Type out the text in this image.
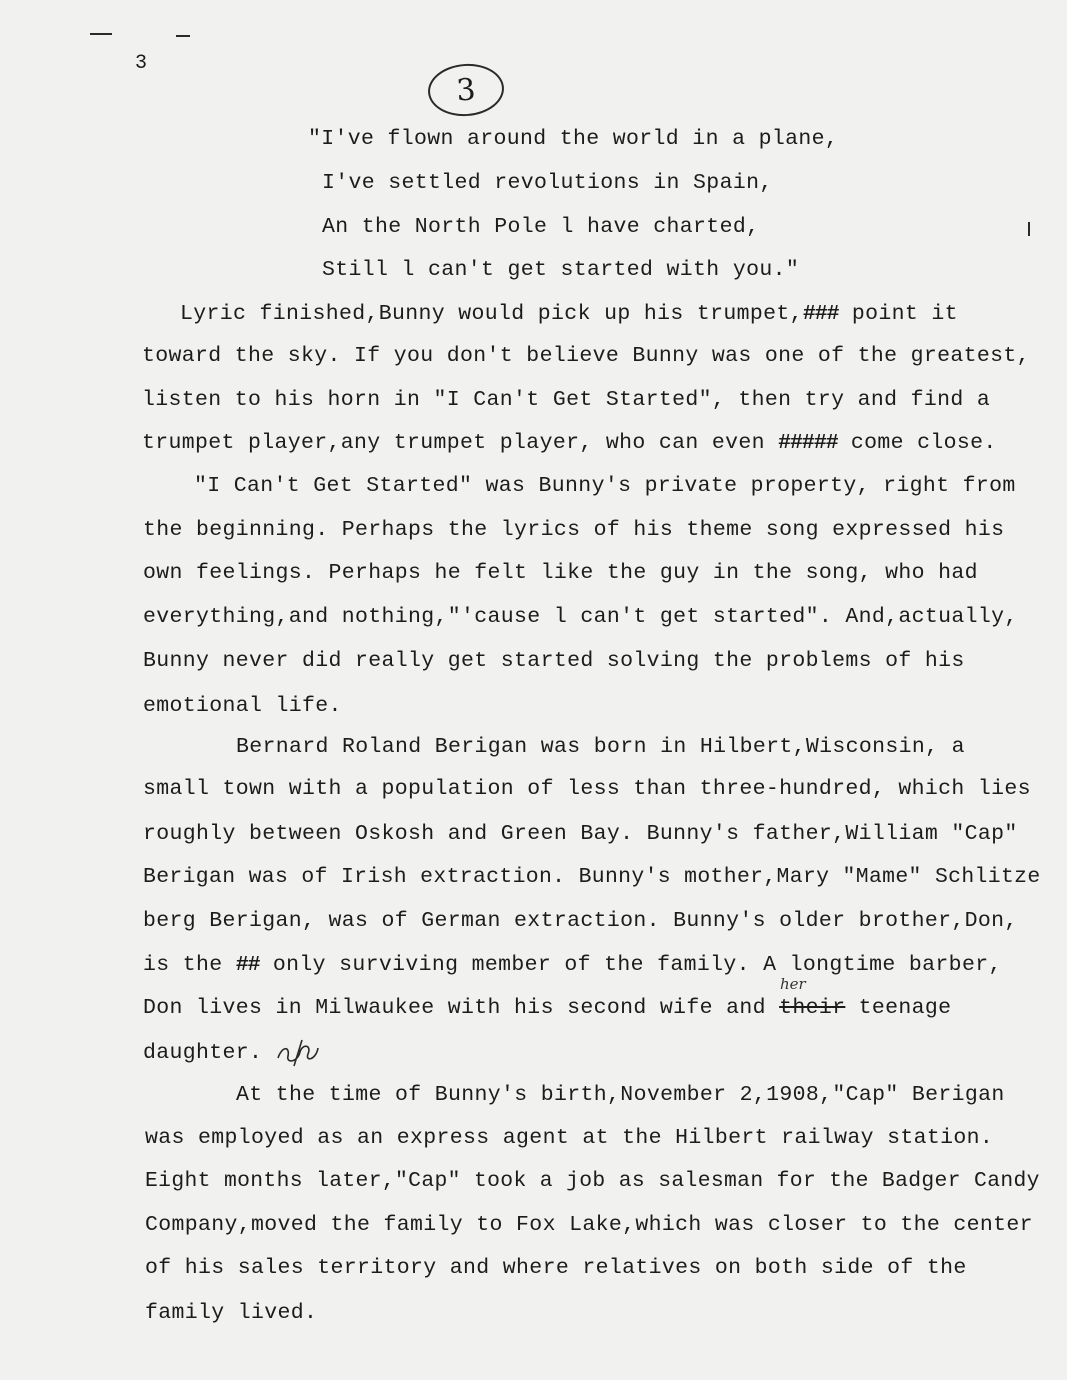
3
3
"I've flown around the world in a plane,
I've settled revolutions in Spain,
An the North Pole l have charted,
Still l can't get started with you."
Lyric finished,Bunny would pick up his trumpet,### point it
toward the sky. If you don't believe Bunny was one of the greatest,
listen to his horn in "I Can't Get Started", then try and find a
trumpet player,any trumpet player, who can even ##### come close.
"I Can't Get Started" was Bunny's private property, right from
the beginning. Perhaps the lyrics of his theme song expressed his
own feelings. Perhaps he felt like the guy in the song, who had
everything,and nothing,"'cause l can't get started". And,actually,
Bunny never did really get started solving the problems of his
emotional life.
Bernard Roland Berigan was born in Hilbert,Wisconsin, a
small town with a population of less than three-hundred, which lies
roughly between Oskosh and Green Bay. Bunny's father,William "Cap"
Berigan was of Irish extraction. Bunny's mother,Mary "Mame" Schlitze
berg Berigan, was of German extraction. Bunny's older brother,Don,
is the ## only surviving member of the family. A longtime barber,
her
Don lives in Milwaukee with his second wife and their teenage
daughter.
At the time of Bunny's birth,November 2,1908,"Cap" Berigan
was employed as an express agent at the Hilbert railway station.
Eight months later,"Cap" took a job as salesman for the Badger Candy
Company,moved the family to Fox Lake,which was closer to the center
of his sales territory and where relatives on both side of the
family lived.
